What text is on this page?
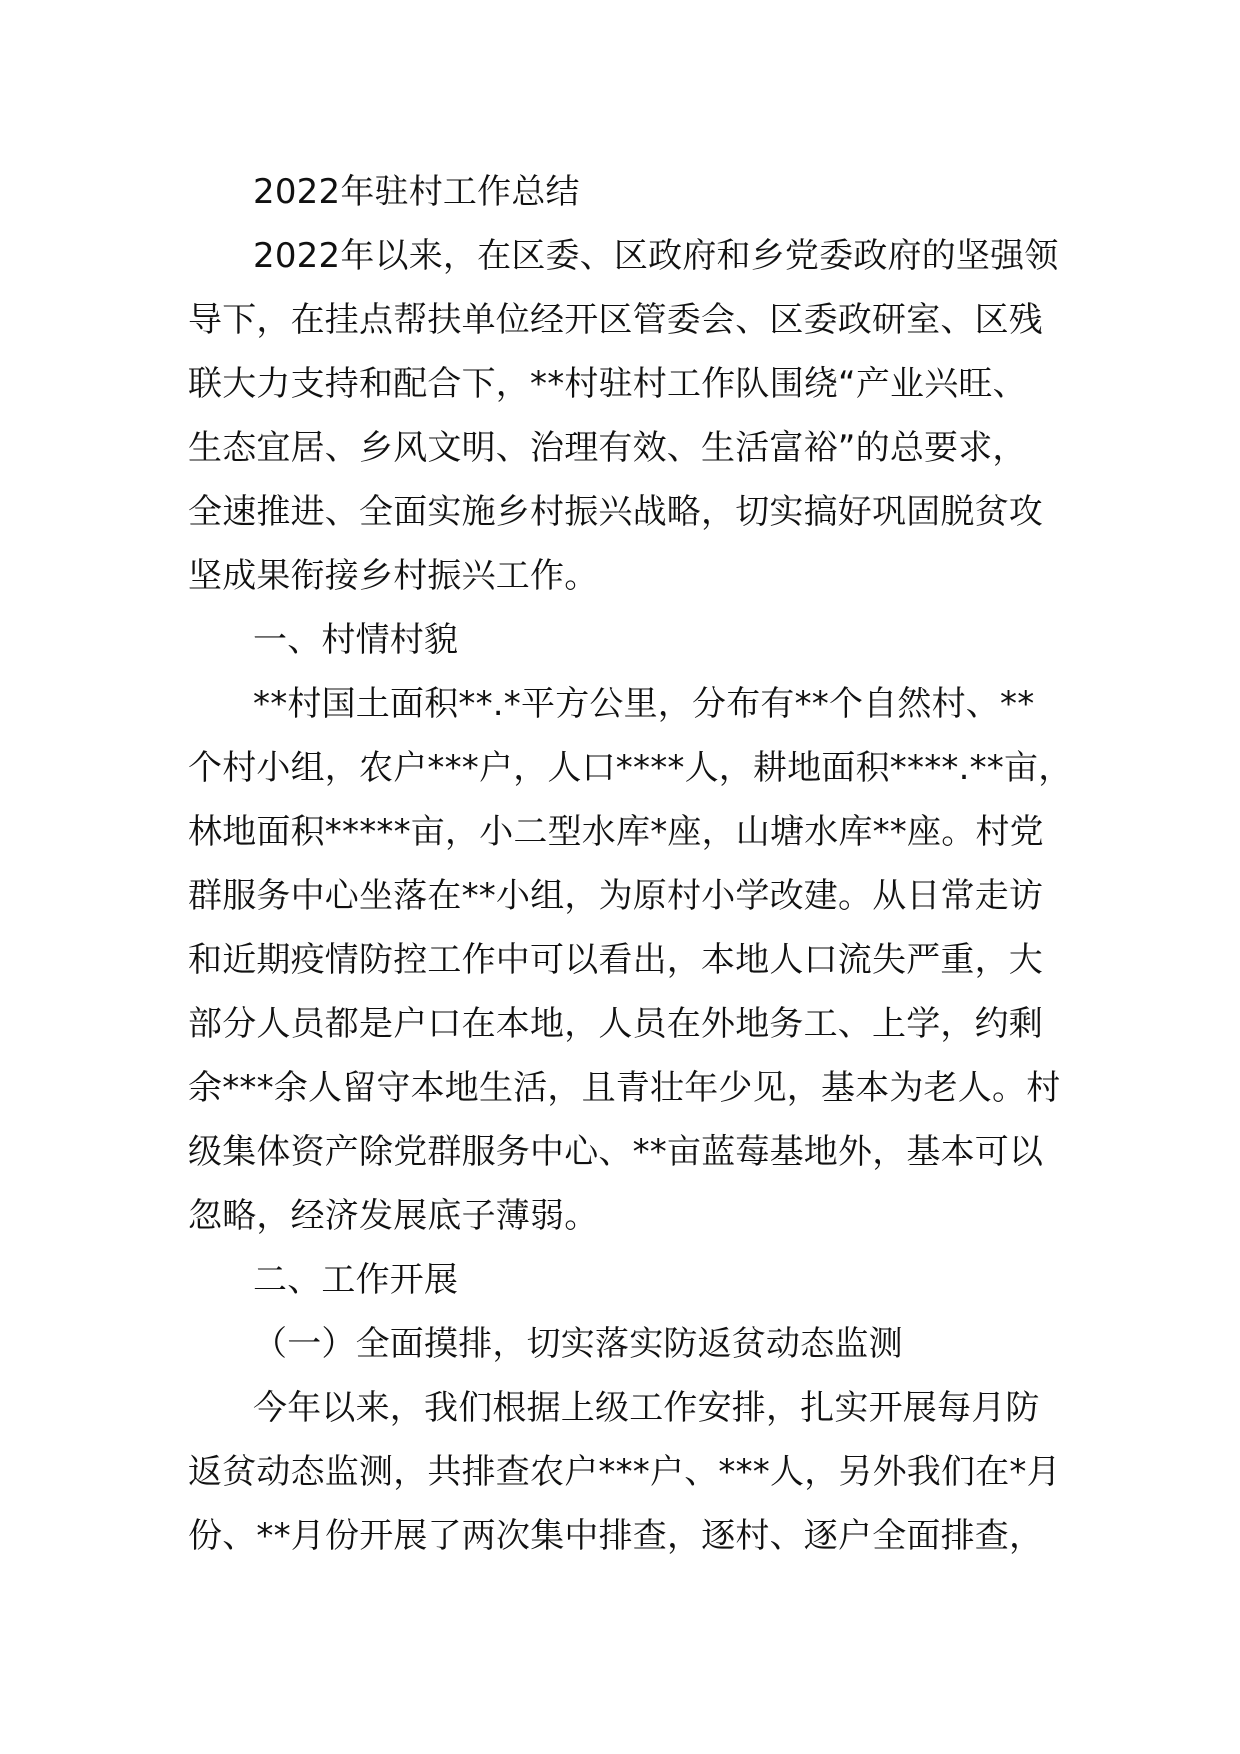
2022年驻村工作总结
2022年以来，在区委、区政府和乡党委政府的坚强领
导下，在挂点帮扶单位经开区管委会、区委政研室、区残
联大力支持和配合下，**村驻村工作队围绕“产业兴旺、
生态宜居、乡风文明、治理有效、生活富裕”的总要求，
全速推进、全面实施乡村振兴战略，切实搞好巩固脱贫攻
坚成果衔接乡村振兴工作。
一、村情村貌
**村国土面积**.*平方公里，分布有**个自然村、**
个村小组，农户***户，人口****人，耕地面积****.**亩，
林地面积*****亩，小二型水库*座，山塘水库**座。村党
群服务中心坐落在**小组，为原村小学改建。从日常走访
和近期疫情防控工作中可以看出，本地人口流失严重，大
部分人员都是户口在本地，人员在外地务工、上学，约剩
余***余人留守本地生活，且青壮年少见，基本为老人。村
级集体资产除党群服务中心、**亩蓝莓基地外，基本可以
忽略，经济发展底子薄弱。
二、工作开展
（一）全面摸排，切实落实防返贫动态监测
今年以来，我们根据上级工作安排，扎实开展每月防
返贫动态监测，共排查农户***户、***人，另外我们在*月
份、**月份开展了两次集中排查，逐村、逐户全面排查，
